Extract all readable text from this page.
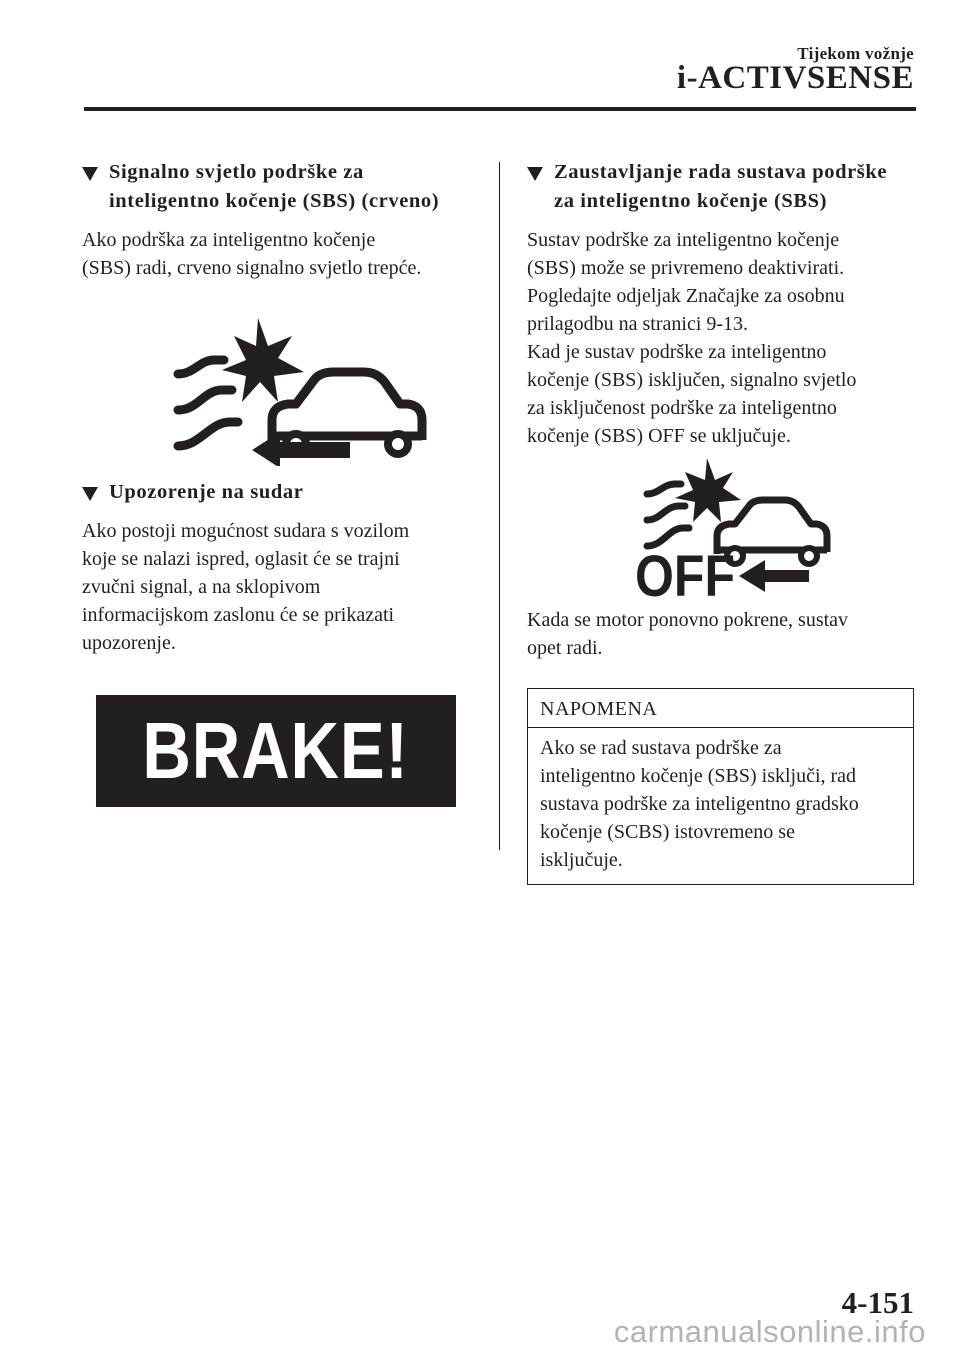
Tijekom vožnje
i-ACTIVSENSE
Signalno svjetlo podrške za
inteligentno kočenje (SBS) (crveno)
Ako podrška za inteligentno kočenje
(SBS) radi, crveno signalno svjetlo trepće.
Upozorenje na sudar
Ako postoji mogućnost sudara s vozilom
koje se nalazi ispred, oglasit će se trajni
zvučni signal, a na sklopivom
informacijskom zaslonu će se prikazati
upozorenje.
BRAKE!
Zaustavljanje rada sustava podrške
za inteligentno kočenje (SBS)
Sustav podrške za inteligentno kočenje
(SBS) može se privremeno deaktivirati.
Pogledajte odjeljak Značajke za osobnu
prilagodbu na stranici 9-13.
Kad je sustav podrške za inteligentno
kočenje (SBS) isključen, signalno svjetlo
za isključenost podrške za inteligentno
kočenje (SBS) OFF se uključuje.
OFF
Kada se motor ponovno pokrene, sustav
opet radi.
NAPOMENA
Ako se rad sustava podrške za
inteligentno kočenje (SBS) isključi, rad
sustava podrške za inteligentno gradsko
kočenje (SCBS) istovremeno se
isključuje.
4-151
carmanualsonline.info
